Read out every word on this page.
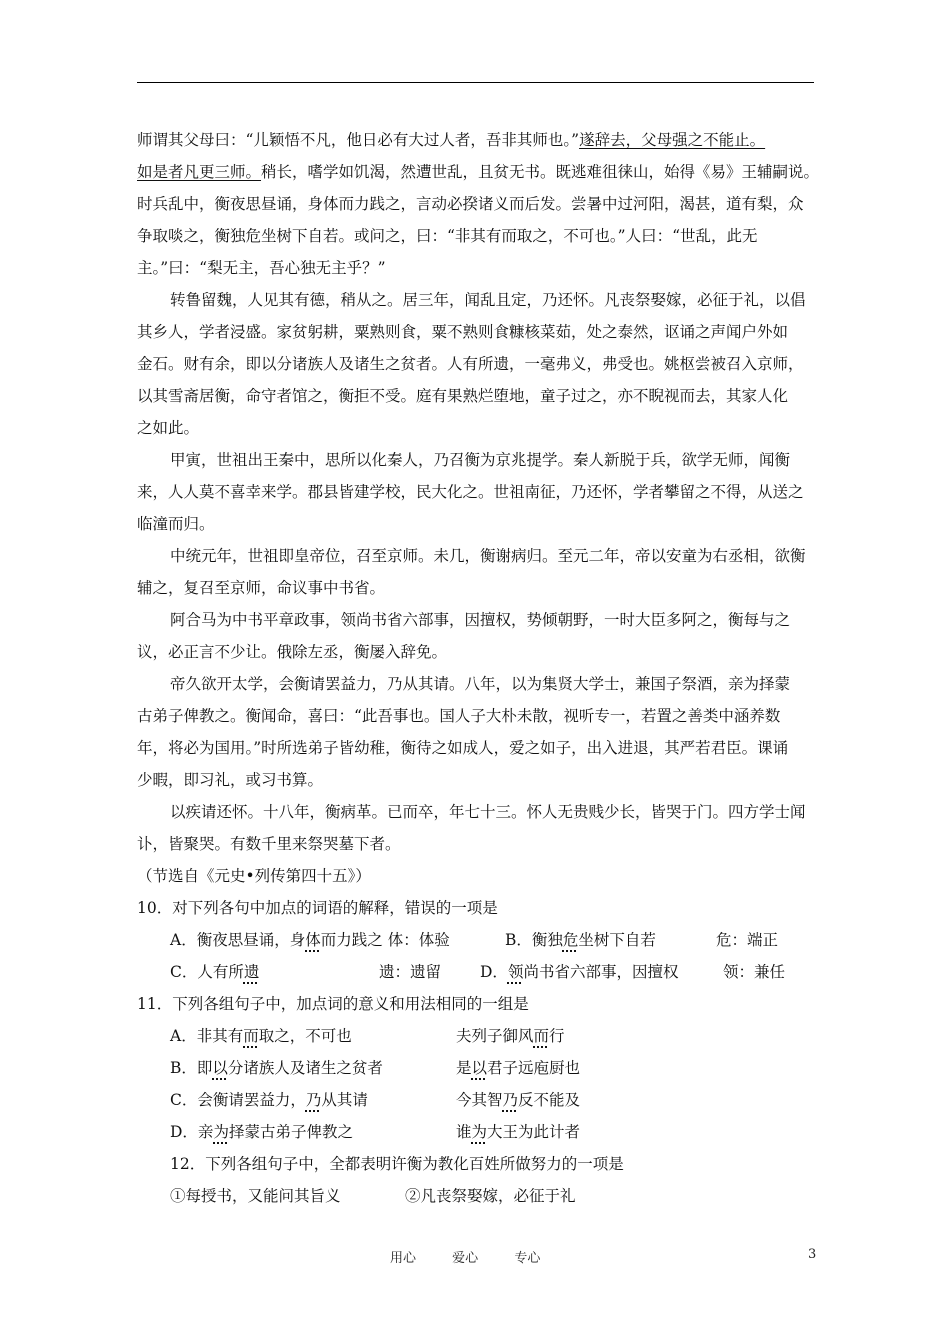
师谓其父母曰：“儿颖悟不凡，他日必有大过人者，吾非其师也。”遂辞去，父母强之不能止。
如是者凡更三师。稍长，嗜学如饥渴，然遭世乱，且贫无书。既逃难徂徕山，始得《易》王辅嗣说。
时兵乱中，衡夜思昼诵，身体而力践之，言动必揆诸义而后发。尝暑中过河阳，渴甚，道有梨，众
争取啖之，衡独危坐树下自若。或问之，曰：“非其有而取之，不可也。”人曰：“世乱，此无
主。”曰：“梨无主，吾心独无主乎？”
转鲁留魏，人见其有德，稍从之。居三年，闻乱且定，乃还怀。凡丧祭娶嫁，必征于礼，以倡
其乡人，学者浸盛。家贫躬耕，粟熟则食，粟不熟则食糠核菜茹，处之泰然，讴诵之声闻户外如
金石。财有余，即以分诸族人及诸生之贫者。人有所遗，一毫弗义，弗受也。姚枢尝被召入京师，
以其雪斋居衡，命守者馆之，衡拒不受。庭有果熟烂堕地，童子过之，亦不睨视而去，其家人化
之如此。
甲寅，世祖出王秦中，思所以化秦人，乃召衡为京兆提学。秦人新脱于兵，欲学无师，闻衡
来，人人莫不喜幸来学。郡县皆建学校，民大化之。世祖南征，乃还怀，学者攀留之不得，从送之
临潼而归。
中统元年，世祖即皇帝位，召至京师。未几，衡谢病归。至元二年，帝以安童为右丞相，欲衡
辅之，复召至京师，命议事中书省。
阿合马为中书平章政事，领尚书省六部事，因擅权，势倾朝野，一时大臣多阿之，衡每与之
议，必正言不少让。俄除左丞，衡屡入辞免。
帝久欲开太学，会衡请罢益力，乃从其请。八年，以为集贤大学士，兼国子祭酒，亲为择蒙
古弟子俾教之。衡闻命，喜曰：“此吾事也。国人子大朴未散，视听专一，若置之善类中涵养数
年，将必为国用。”时所选弟子皆幼稚，衡待之如成人，爱之如子，出入进退，其严若君臣。课诵
少暇，即习礼，或习书算。
以疾请还怀。十八年，衡病革。已而卒，年七十三。怀人无贵贱少长，皆哭于门。四方学士闻
讣，皆聚哭。有数千里来祭哭墓下者。
（节选自《元史•列传第四十五》）
10．对下列各句中加点的词语的解释，错误的一项是
A．衡夜思昼诵，身体而力践之 体：体验	B．衡独危坐树下自若	危：端正
C．人有所遗	遗：遗留	D．领尚书省六部事，因擅权	领：兼任
11．下列各组句子中，加点词的意义和用法相同的一组是
A．非其有而取之，不可也	夫列子御风而行
B．即以分诸族人及诸生之贫者	是以君子远庖厨也
C．会衡请罢益力，乃从其请	今其智乃反不能及
D．亲为择蒙古弟子俾教之	谁为大王为此计者
12．下列各组句子中，全都表明许衡为教化百姓所做努力的一项是
①每授书，又能问其旨义	②凡丧祭娶嫁，必征于礼
用心	爱心	专心	3
